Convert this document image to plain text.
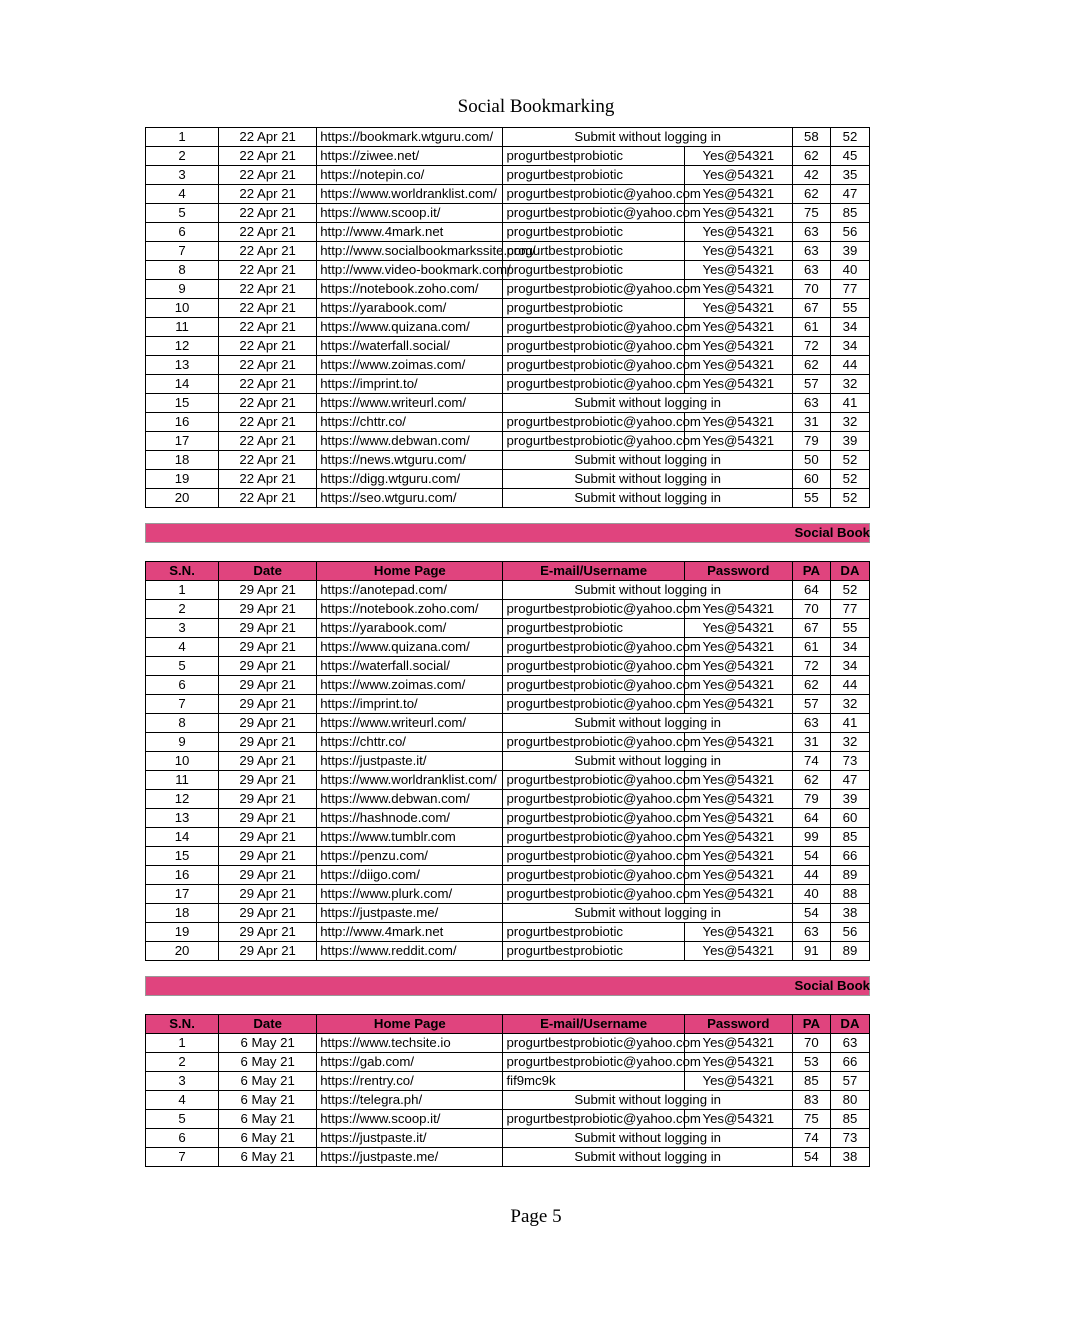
Social Bookmarking
1	22 Apr 21	https://bookmark.wtguru.com/	Submit without logging in		58	52
2	22 Apr 21	https://ziwee.net/	progurtbestprobiotic	Yes@54321	62	45
3	22 Apr 21	https://notepin.co/	progurtbestprobiotic	Yes@54321	42	35
4	22 Apr 21	https://www.worldranklist.com/	progurtbestprobiotic@yahoo.com	Yes@54321	62	47
5	22 Apr 21	https://www.scoop.it/	progurtbestprobiotic@yahoo.com	Yes@54321	75	85
6	22 Apr 21	http://www.4mark.net	progurtbestprobiotic	Yes@54321	63	56
7	22 Apr 21	http://www.socialbookmarkssite.com/	progurtbestprobiotic	Yes@54321	63	39
8	22 Apr 21	http://www.video-bookmark.com/	progurtbestprobiotic	Yes@54321	63	40
9	22 Apr 21	https://notebook.zoho.com/	progurtbestprobiotic@yahoo.com	Yes@54321	70	77
10	22 Apr 21	https://yarabook.com/	progurtbestprobiotic	Yes@54321	67	55
11	22 Apr 21	https://www.quizana.com/	progurtbestprobiotic@yahoo.com	Yes@54321	61	34
12	22 Apr 21	https://waterfall.social/	progurtbestprobiotic@yahoo.com	Yes@54321	72	34
13	22 Apr 21	https://www.zoimas.com/	progurtbestprobiotic@yahoo.com	Yes@54321	62	44
14	22 Apr 21	https://imprint.to/	progurtbestprobiotic@yahoo.com	Yes@54321	57	32
15	22 Apr 21	https://www.writeurl.com/	Submit without logging in		63	41
16	22 Apr 21	https://chttr.co/	progurtbestprobiotic@yahoo.com	Yes@54321	31	32
17	22 Apr 21	https://www.debwan.com/	progurtbestprobiotic@yahoo.com	Yes@54321	79	39
18	22 Apr 21	https://news.wtguru.com/	Submit without logging in		50	52
19	22 Apr 21	https://digg.wtguru.com/	Submit without logging in		60	52
20	22 Apr 21	https://seo.wtguru.com/	Submit without logging in		55	52
Social Book
S.N.	Date	Home Page	E-mail/Username	Password	PA	DA
1	29 Apr 21	https://anotepad.com/	Submit without logging in		64	52
2	29 Apr 21	https://notebook.zoho.com/	progurtbestprobiotic@yahoo.com	Yes@54321	70	77
3	29 Apr 21	https://yarabook.com/	progurtbestprobiotic	Yes@54321	67	55
4	29 Apr 21	https://www.quizana.com/	progurtbestprobiotic@yahoo.com	Yes@54321	61	34
5	29 Apr 21	https://waterfall.social/	progurtbestprobiotic@yahoo.com	Yes@54321	72	34
6	29 Apr 21	https://www.zoimas.com/	progurtbestprobiotic@yahoo.com	Yes@54321	62	44
7	29 Apr 21	https://imprint.to/	progurtbestprobiotic@yahoo.com	Yes@54321	57	32
8	29 Apr 21	https://www.writeurl.com/	Submit without logging in		63	41
9	29 Apr 21	https://chttr.co/	progurtbestprobiotic@yahoo.com	Yes@54321	31	32
10	29 Apr 21	https://justpaste.it/	Submit without logging in		74	73
11	29 Apr 21	https://www.worldranklist.com/	progurtbestprobiotic@yahoo.com	Yes@54321	62	47
12	29 Apr 21	https://www.debwan.com/	progurtbestprobiotic@yahoo.com	Yes@54321	79	39
13	29 Apr 21	https://hashnode.com/	progurtbestprobiotic@yahoo.com	Yes@54321	64	60
14	29 Apr 21	https://www.tumblr.com	progurtbestprobiotic@yahoo.com	Yes@54321	99	85
15	29 Apr 21	https://penzu.com/	progurtbestprobiotic@yahoo.com	Yes@54321	54	66
16	29 Apr 21	https://diigo.com/	progurtbestprobiotic@yahoo.com	Yes@54321	44	89
17	29 Apr 21	https://www.plurk.com/	progurtbestprobiotic@yahoo.com	Yes@54321	40	88
18	29 Apr 21	https://justpaste.me/	Submit without logging in		54	38
19	29 Apr 21	http://www.4mark.net	progurtbestprobiotic	Yes@54321	63	56
20	29 Apr 21	https://www.reddit.com/	progurtbestprobiotic	Yes@54321	91	89
Social Book
S.N.	Date	Home Page	E-mail/Username	Password	PA	DA
1	6 May 21	https://www.techsite.io	progurtbestprobiotic@yahoo.com	Yes@54321	70	63
2	6 May 21	https://gab.com/	progurtbestprobiotic@yahoo.com	Yes@54321	53	66
3	6 May 21	https://rentry.co/	fif9mc9k	Yes@54321	85	57
4	6 May 21	https://telegra.ph/	Submit without logging in		83	80
5	6 May 21	https://www.scoop.it/	progurtbestprobiotic@yahoo.com	Yes@54321	75	85
6	6 May 21	https://justpaste.it/	Submit without logging in		74	73
7	6 May 21	https://justpaste.me/	Submit without logging in		54	38
Page 5
